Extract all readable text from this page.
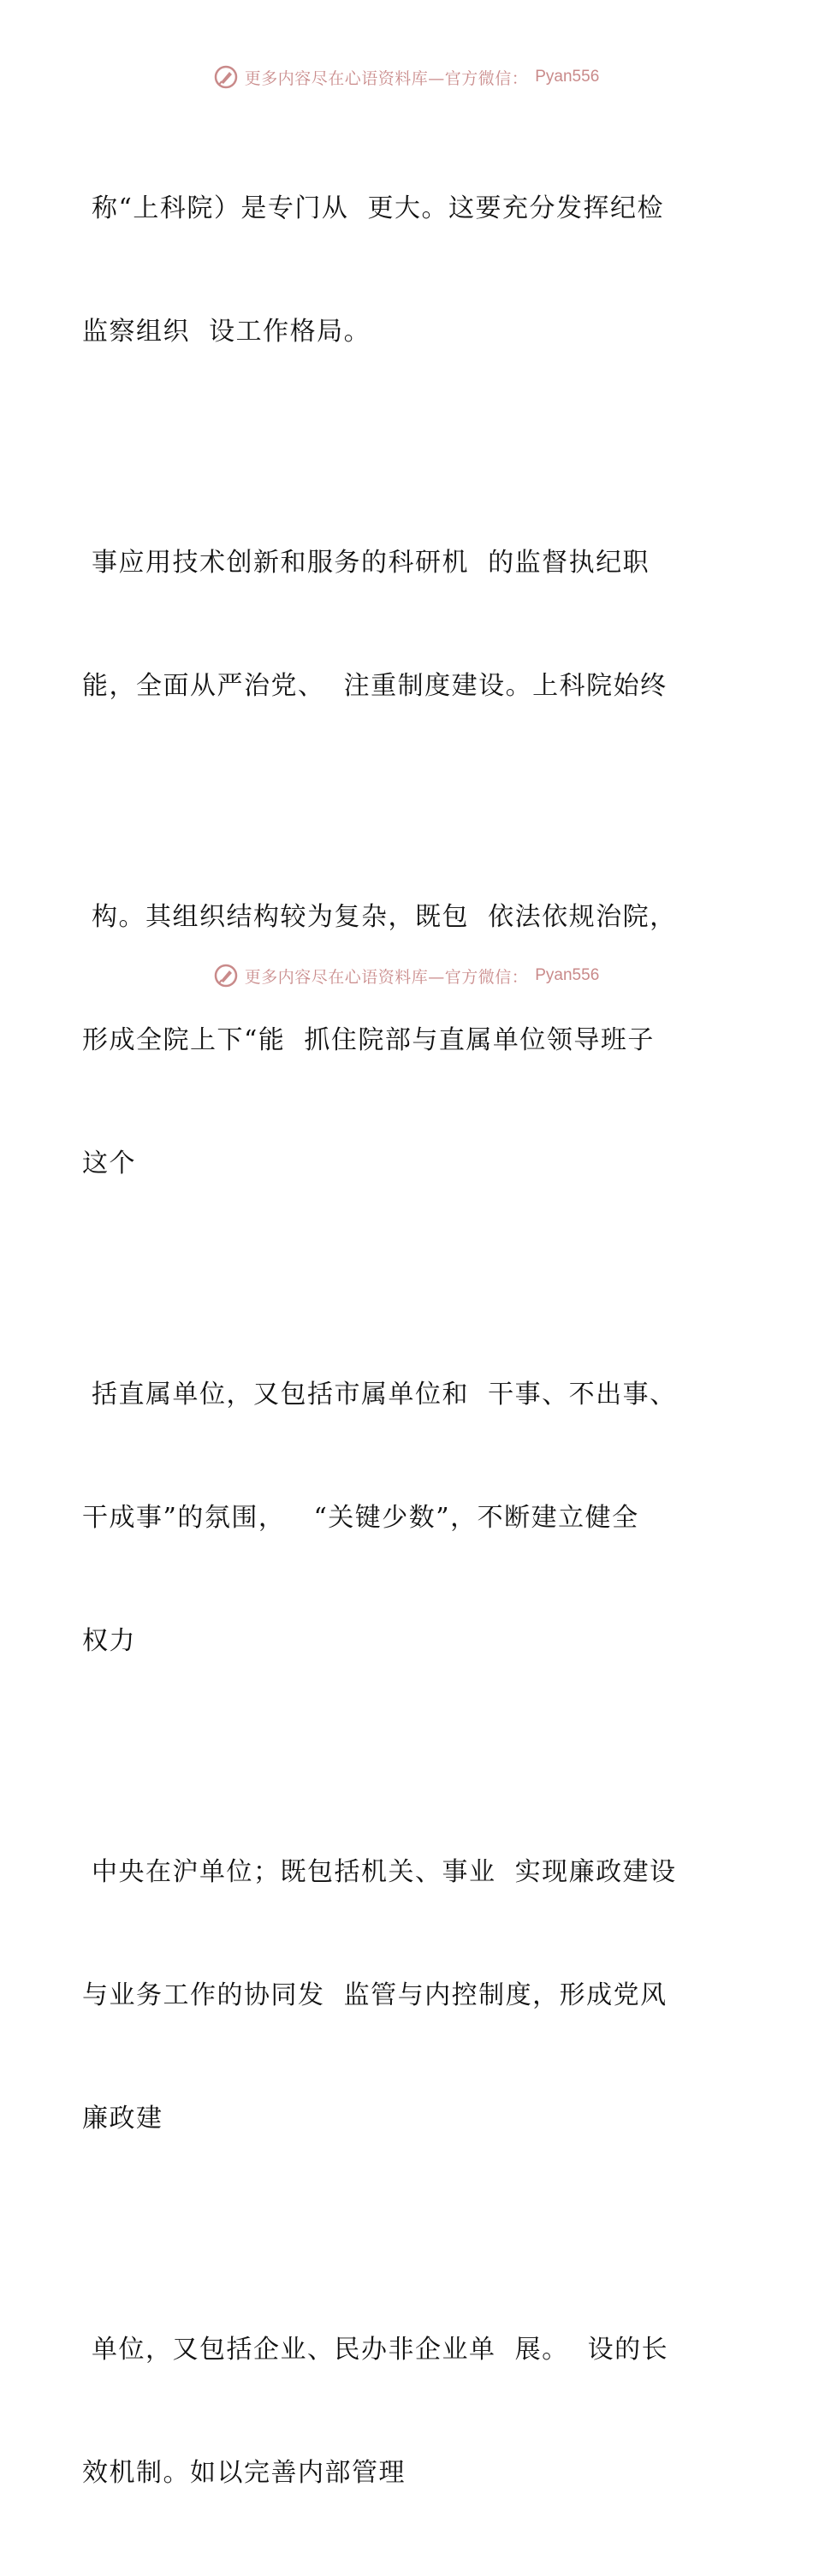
更多内容尽在心语资料库—官方微信： Pyan556

称“上科院）是专门从  更大。这要充分发挥纪检

监察组织  设工作格局。

事应用技术创新和服务的科研机  的监督执纪职

能，全面从严治党、  注重制度建设。上科院始终

构。其组织结构较为复杂，既包  依法依规治院，

形成全院上下“能  抓住院部与直属单位领导班子

这个

括直属单位，又包括市属单位和  干事、不出事、

干成事”的氛围，   “关键少数”，不断建立健全

权力

中央在沪单位；既包括机关、事业  实现廉政建设

与业务工作的协同发  监管与内控制度，形成党风

廉政建

单位，又包括企业、民办非企业单  展。  设的长

效机制。如以完善内部管理

更多内容尽在心语资料库—官方微信： Pyan556
